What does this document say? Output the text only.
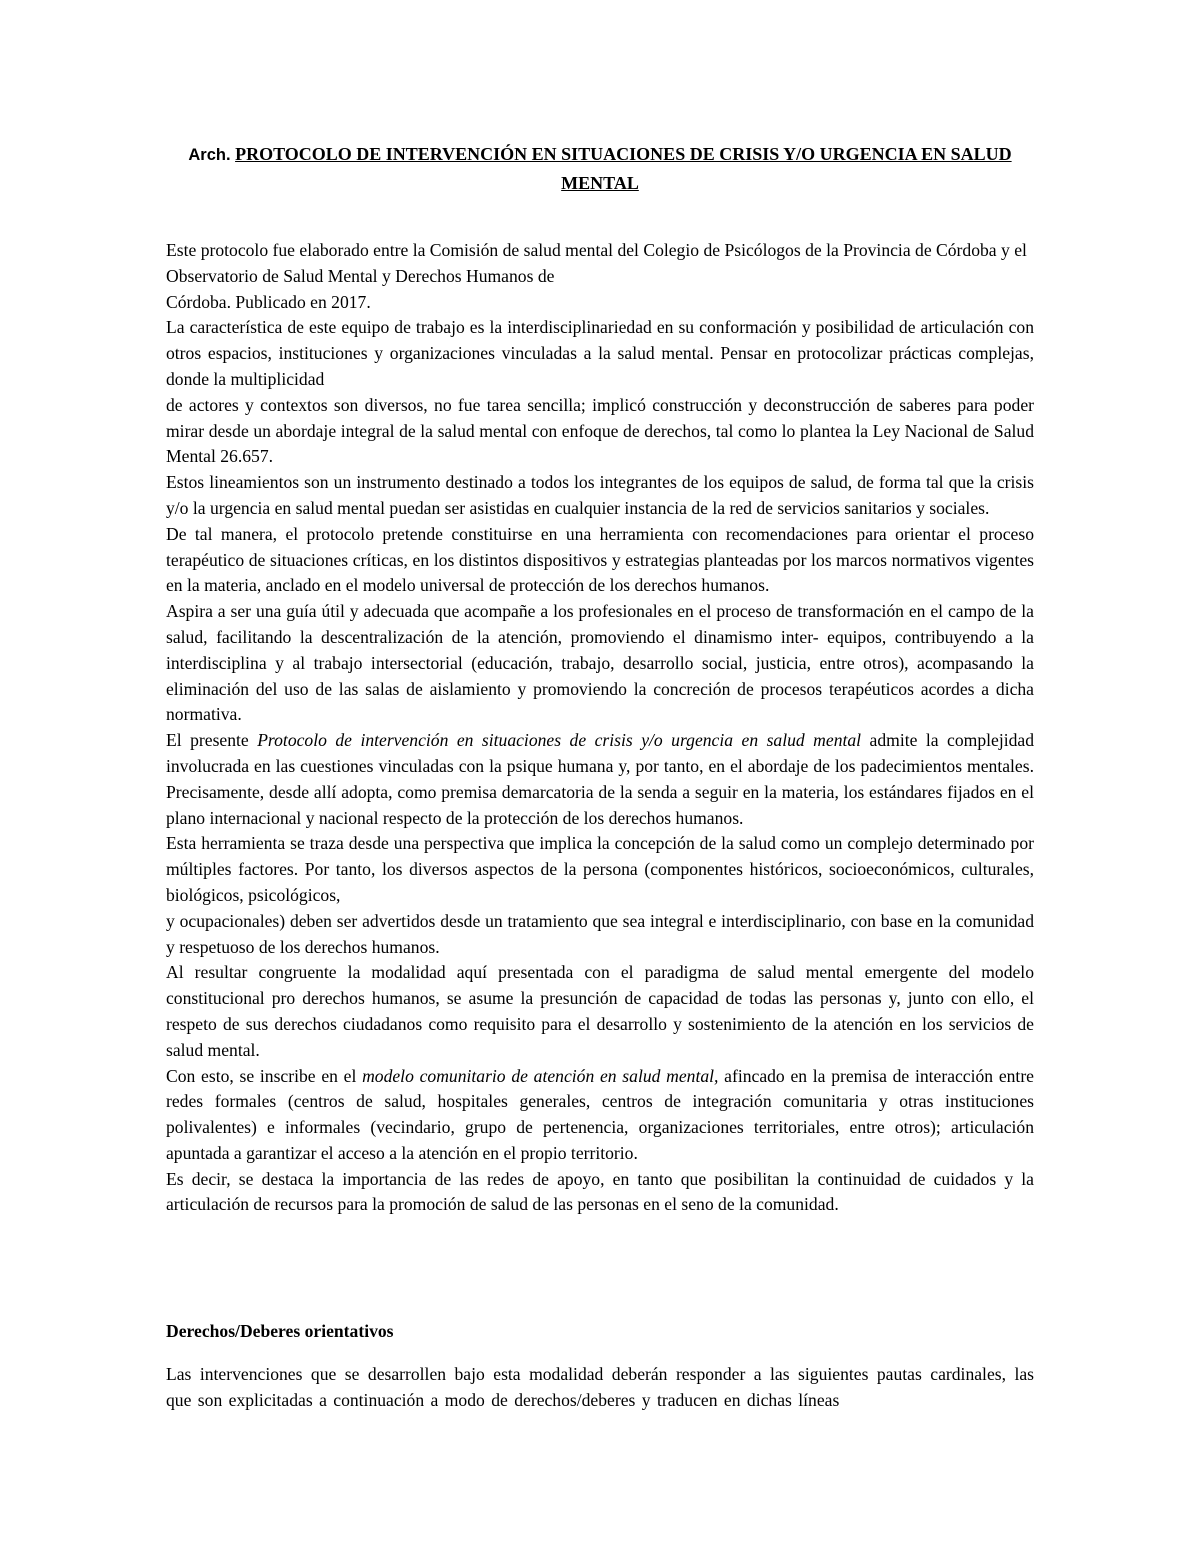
Arch. PROTOCOLO DE INTERVENCIÓN EN SITUACIONES DE CRISIS Y/O URGENCIA EN SALUD MENTAL

Este protocolo fue elaborado entre la Comisión de salud mental del Colegio de Psicólogos de la Provincia de Córdoba y el Observatorio de Salud Mental y Derechos Humanos de

Córdoba. Publicado en 2017.

La característica de este equipo de trabajo es la interdisciplinariedad en su conformación y posibilidad de articulación con otros espacios, instituciones y organizaciones vinculadas a la salud mental. Pensar en protocolizar prácticas complejas, donde la multiplicidad

de actores y contextos son diversos, no fue tarea sencilla; implicó construcción y deconstrucción de saberes para poder mirar desde un abordaje integral de la salud mental con enfoque de derechos, tal como lo plantea la Ley Nacional de Salud Mental 26.657.

Estos lineamientos son un instrumento destinado a todos los integrantes de los equipos de salud, de forma tal que la crisis y/o la urgencia en salud mental puedan ser asistidas en cualquier instancia de la red de servicios sanitarios y sociales.

De tal manera, el protocolo pretende constituirse en una herramienta con recomendaciones para orientar el proceso terapéutico de situaciones críticas, en los distintos dispositivos y estrategias planteadas por los marcos normativos vigentes en la materia, anclado en el modelo universal de protección de los derechos humanos.

Aspira a ser una guía útil y adecuada que acompañe a los profesionales en el proceso de transformación en el campo de la salud, facilitando la descentralización de la atención, promoviendo el dinamismo inter- equipos, contribuyendo a la interdisciplina y al trabajo intersectorial (educación, trabajo, desarrollo social, justicia, entre otros), acompasando la eliminación del uso de las salas de aislamiento y promoviendo la concreción de procesos terapéuticos acordes a dicha normativa.

El presente Protocolo de intervención en situaciones de crisis y/o urgencia en salud mental admite la complejidad involucrada en las cuestiones vinculadas con la psique humana y, por tanto, en el abordaje de los padecimientos mentales. Precisamente, desde allí adopta, como premisa demarcatoria de la senda a seguir en la materia, los estándares fijados en el plano internacional y nacional respecto de la protección de los derechos humanos.

Esta herramienta se traza desde una perspectiva que implica la concepción de la salud como un complejo determinado por múltiples factores. Por tanto, los diversos aspectos de la persona (componentes históricos, socioeconómicos, culturales, biológicos, psicológicos,

y ocupacionales) deben ser advertidos desde un tratamiento que sea integral e interdisciplinario, con base en la comunidad y respetuoso de los derechos humanos.

Al resultar congruente la modalidad aquí presentada con el paradigma de salud mental emergente del modelo constitucional pro derechos humanos, se asume la presunción de capacidad de todas las personas y, junto con ello, el respeto de sus derechos ciudadanos como requisito para el desarrollo y sostenimiento de la atención en los servicios de salud mental.

Con esto, se inscribe en el modelo comunitario de atención en salud mental, afincado en la premisa de interacción entre redes formales (centros de salud, hospitales generales, centros de integración comunitaria y otras instituciones polivalentes) e informales (vecindario, grupo de pertenencia, organizaciones territoriales, entre otros); articulación apuntada a garantizar el acceso a la atención en el propio territorio.

Es decir, se destaca la importancia de las redes de apoyo, en tanto que posibilitan la continuidad de cuidados y la articulación de recursos para la promoción de salud de las personas en el seno de la comunidad.

Derechos/Deberes orientativos

Las intervenciones que se desarrollen bajo esta modalidad deberán responder a las siguientes pautas cardinales, las que son explicitadas a continuación a modo de derechos/deberes y traducen en dichas líneas
